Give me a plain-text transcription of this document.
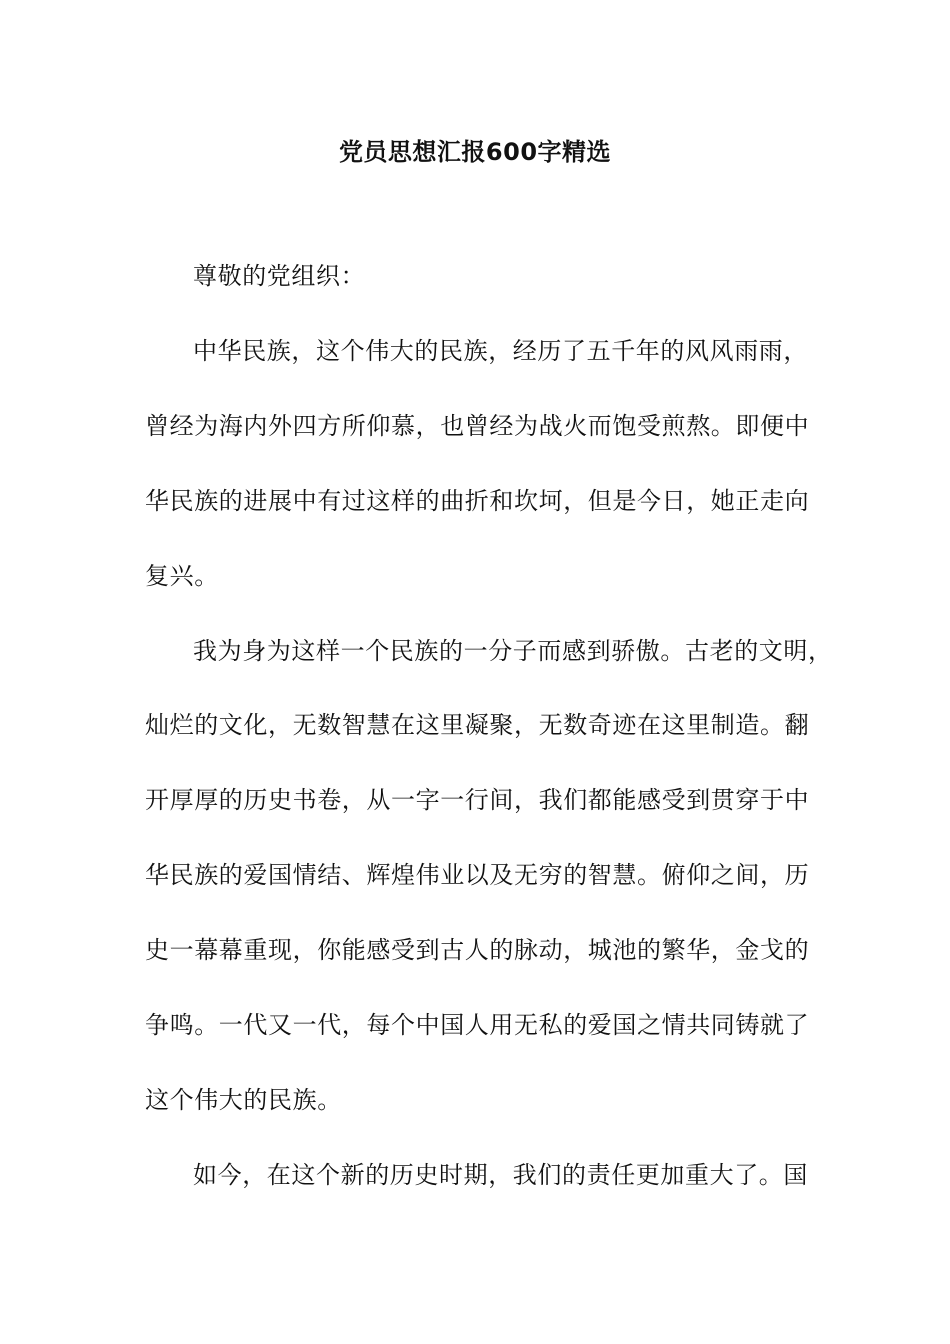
党员思想汇报600字精选
尊敬的党组织：
中华民族，这个伟大的民族，经历了五千年的风风雨雨，
曾经为海内外四方所仰慕，也曾经为战火而饱受煎熬。即便中
华民族的进展中有过这样的曲折和坎坷，但是今日，她正走向
复兴。
我为身为这样一个民族的一分子而感到骄傲。古老的文明，
灿烂的文化，无数智慧在这里凝聚，无数奇迹在这里制造。翻
开厚厚的历史书卷，从一字一行间，我们都能感受到贯穿于中
华民族的爱国情结、辉煌伟业以及无穷的智慧。俯仰之间，历
史一幕幕重现，你能感受到古人的脉动，城池的繁华，金戈的
争鸣。一代又一代，每个中国人用无私的爱国之情共同铸就了
这个伟大的民族。
如今，在这个新的历史时期，我们的责任更加重大了。国
